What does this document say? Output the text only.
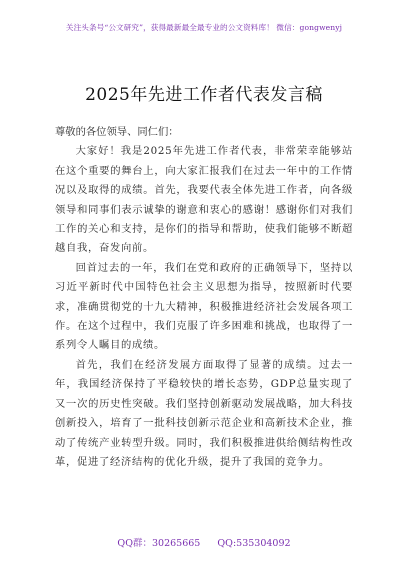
关注头条号“公文研究”，获得最新最全最专业的公文资料库！ 微信：gongwenyj
2025年先进工作者代表发言稿

尊敬的各位领导、同仁们：

大家好！我是2025年先进工作者代表，非常荣幸能够站在这个重要的舞台上，向大家汇报我们在过去一年中的工作情况以及取得的成绩。首先，我要代表全体先进工作者，向各级领导和同事们表示诚挚的谢意和衷心的感谢！感谢你们对我们工作的关心和支持，是你们的指导和帮助，使我们能够不断超越自我，奋发向前。

回首过去的一年，我们在党和政府的正确领导下，坚持以习近平新时代中国特色社会主义思想为指导，按照新时代要求，准确贯彻党的十九大精神，积极推进经济社会发展各项工作。在这个过程中，我们克服了许多困难和挑战，也取得了一系列令人瞩目的成绩。

首先，我们在经济发展方面取得了显著的成绩。过去一年，我国经济保持了平稳较快的增长态势，GDP总量实现了又一次的历史性突破。我们坚持创新驱动发展战略，加大科技创新投入，培育了一批科技创新示范企业和高新技术企业，推动了传统产业转型升级。同时，我们积极推进供给侧结构性改革，促进了经济结构的优化升级，提升了我国的竞争力。

QQ群：30265665 QQ:535304092
